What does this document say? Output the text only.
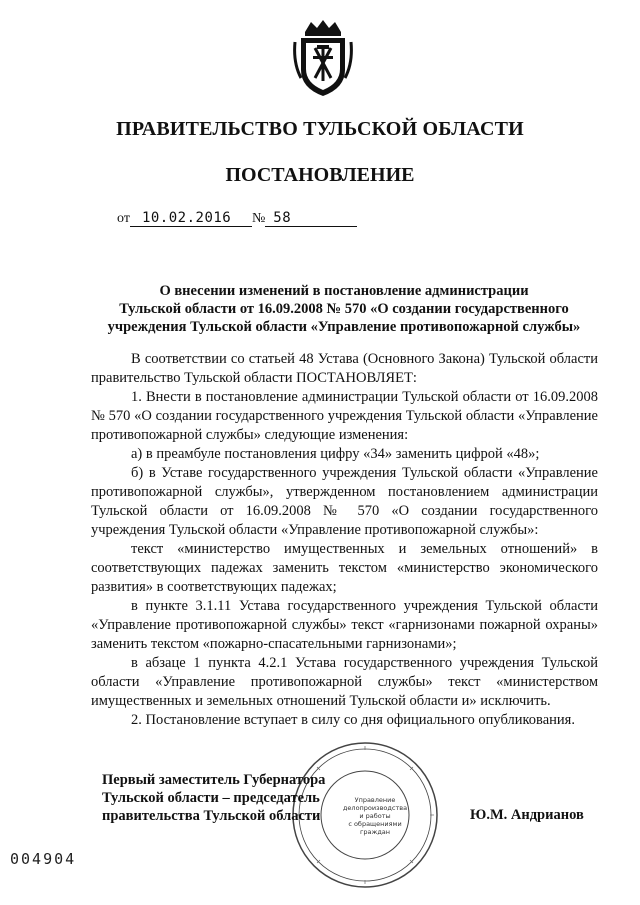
ПРАВИТЕЛЬСТВО ТУЛЬСКОЙ ОБЛАСТИ
ПОСТАНОВЛЕНИЕ
от 10.02.2016 № 58
О внесении изменений в постановление администрации
Тульской области от 16.09.2008 № 570 «О создании государственного
учреждения Тульской области «Управление противопожарной службы»

В соответствии со статьей 48 Устава (Основного Закона) Тульской области правительство Тульской области ПОСТАНОВЛЯЕТ:

1. Внести в постановление администрации Тульской области от 16.09.2008 № 570 «О создании государственного учреждения Тульской области «Управление противопожарной службы» следующие изменения:

а) в преамбуле постановления цифру «34» заменить цифрой «48»;

б) в Уставе государственного учреждения Тульской области «Управление противопожарной службы», утвержденном постановлением администрации Тульской области от 16.09.2008 № 570 «О создании государственного учреждения Тульской области «Управление противопожарной службы»:

текст «министерство имущественных и земельных отношений» в соответствующих падежах заменить текстом «министерство экономического развития» в соответствующих падежах;

в пункте 3.1.11 Устава государственного учреждения Тульской области «Управление противопожарной службы» текст «гарнизонами пожарной охраны» заменить текстом «пожарно-спасательными гарнизонами»;

в абзаце 1 пункта 4.2.1 Устава государственного учреждения Тульской области «Управление противопожарной службы» текст «министерством имущественных и земельных отношений Тульской области и» исключить.

2. Постановление вступает в силу со дня официального опубликования.

Управление
делопроизводства
и работы
с обращениями
граждан
Первый заместитель Губернатора
Тульской области – председатель
правительства Тульской области	Ю.М. Андрианов
004904
